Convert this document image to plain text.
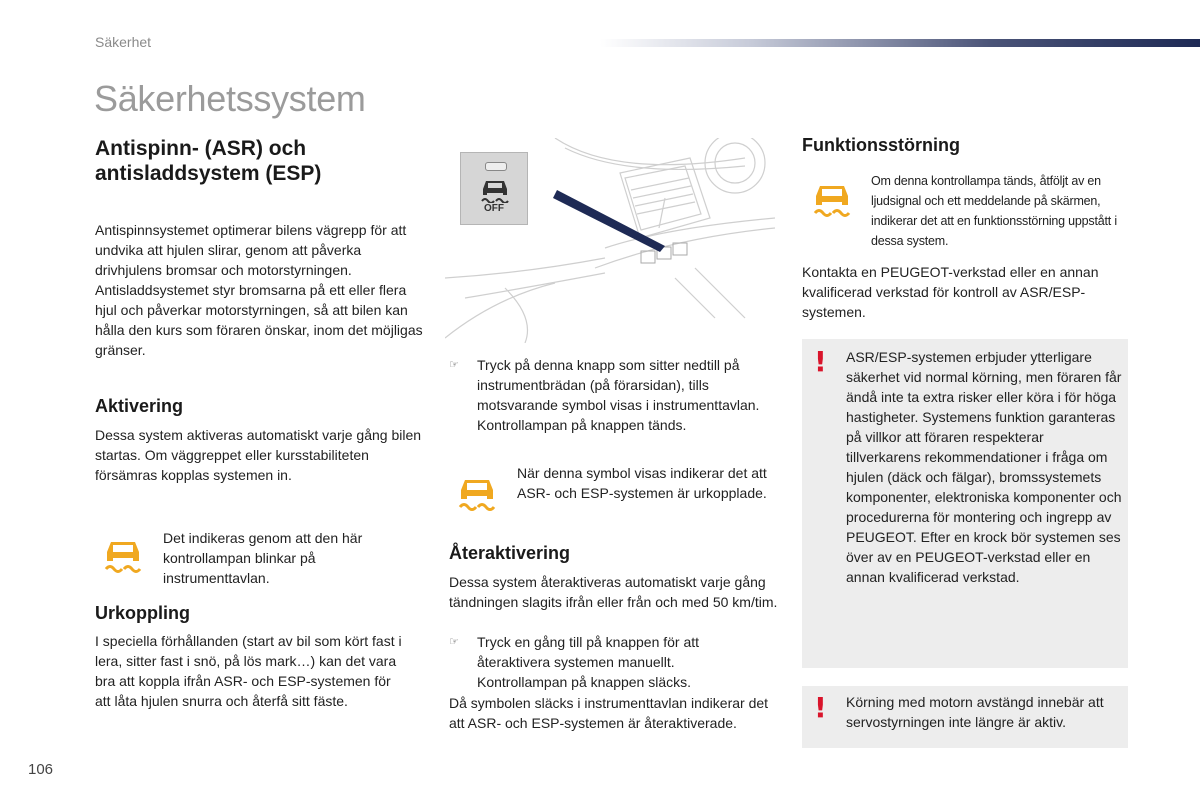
Säkerhet
Säkerhetssystem
Antispinn- (ASR) och antisladdsystem (ESP)

Antispinnsystemet optimerar bilens vägrepp för att undvika att hjulen slirar, genom att påverka drivhjulens bromsar och motorstyrningen. Antisladdsystemet styr bromsarna på ett eller flera hjul och påverkar motorstyrningen, så att bilen kan hålla den kurs som föraren önskar, inom det möjligas gränser.

Aktivering

Dessa system aktiveras automatiskt varje gång bilen startas. Om väggreppet eller kursstabiliteten försämras kopplas systemen in.

Det indikeras genom att den här kontrollampan blinkar på instrumenttavlan.

Urkoppling

I speciella förhållanden (start av bil som kört fast i lera, sitter fast i snö, på lös mark…) kan det vara bra att koppla ifrån ASR- och ESP-systemen för att låta hjulen snurra och återfå sitt fäste.

OFF
☞	Tryck på denna knapp som sitter nedtill på instrumentbrädan (på förarsidan), tills motsvarande symbol visas i instrumenttavlan.
Kontrollampan på knappen tänds.

När denna symbol visas indikerar det att ASR- och ESP-systemen är urkopplade.

Återaktivering

Dessa system återaktiveras automatiskt varje gång tändningen slagits ifrån eller från och med 50 km/tim.

☞	Tryck en gång till på knappen för att återaktivera systemen manuellt.
Kontrollampan på knappen släcks.

Då symbolen släcks i instrumenttavlan indikerar det att ASR- och ESP-systemen är återaktiverade.

Funktionsstörning

Om denna kontrollampa tänds, åtföljt av en ljudsignal och ett meddelande på skärmen, indikerar det att en funktionsstörning uppstått i dessa system.

Kontakta en PEUGEOT-verkstad eller en annan kvalificerad verkstad för kontroll av ASR/ESP-systemen.

! ASR/ESP-systemen erbjuder ytterligare säkerhet vid normal körning, men föraren får ändå inte ta extra risker eller köra i för höga hastigheter. Systemens funktion garanteras på villkor att föraren respekterar tillverkarens rekommendationer i fråga om hjulen (däck och fälgar), bromssystemets komponenter, elektroniska komponenter och procedurerna för montering och ingrepp av PEUGEOT. Efter en krock bör systemen ses över av en PEUGEOT-verkstad eller en annan kvalificerad verkstad.

! Körning med motorn avstängd innebär att servostyrningen inte längre är aktiv.

106
